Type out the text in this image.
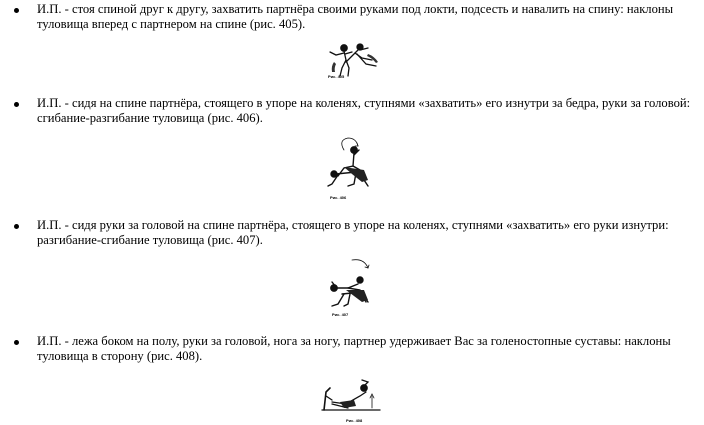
И.П. - стоя спиной друг к другу, захватить партнёра своими руками под локти, подсесть и навалить на спину: наклоны туловища вперед с партнером на спине (рис. 405).
Рис. 405
И.П. - сидя на спине партнёра, стоящего в упоре на коленях, ступнями «захватить» его изнутри за бедра, руки за головой: сгибание-разгибание туловища (рис. 406).
Рис. 406
И.П. - сидя руки за головой на спине партнёра, стоящего в упоре на коленях, ступнями «захватить» его руки изнутри: разгибание-сгибание туловища (рис. 407).
Рис. 407
И.П. - лежа боком на полу, руки за головой, нога за ногу, партнер удерживает Вас за голеностопные суставы: наклоны туловища в сторону (рис. 408).
Рис. 408
